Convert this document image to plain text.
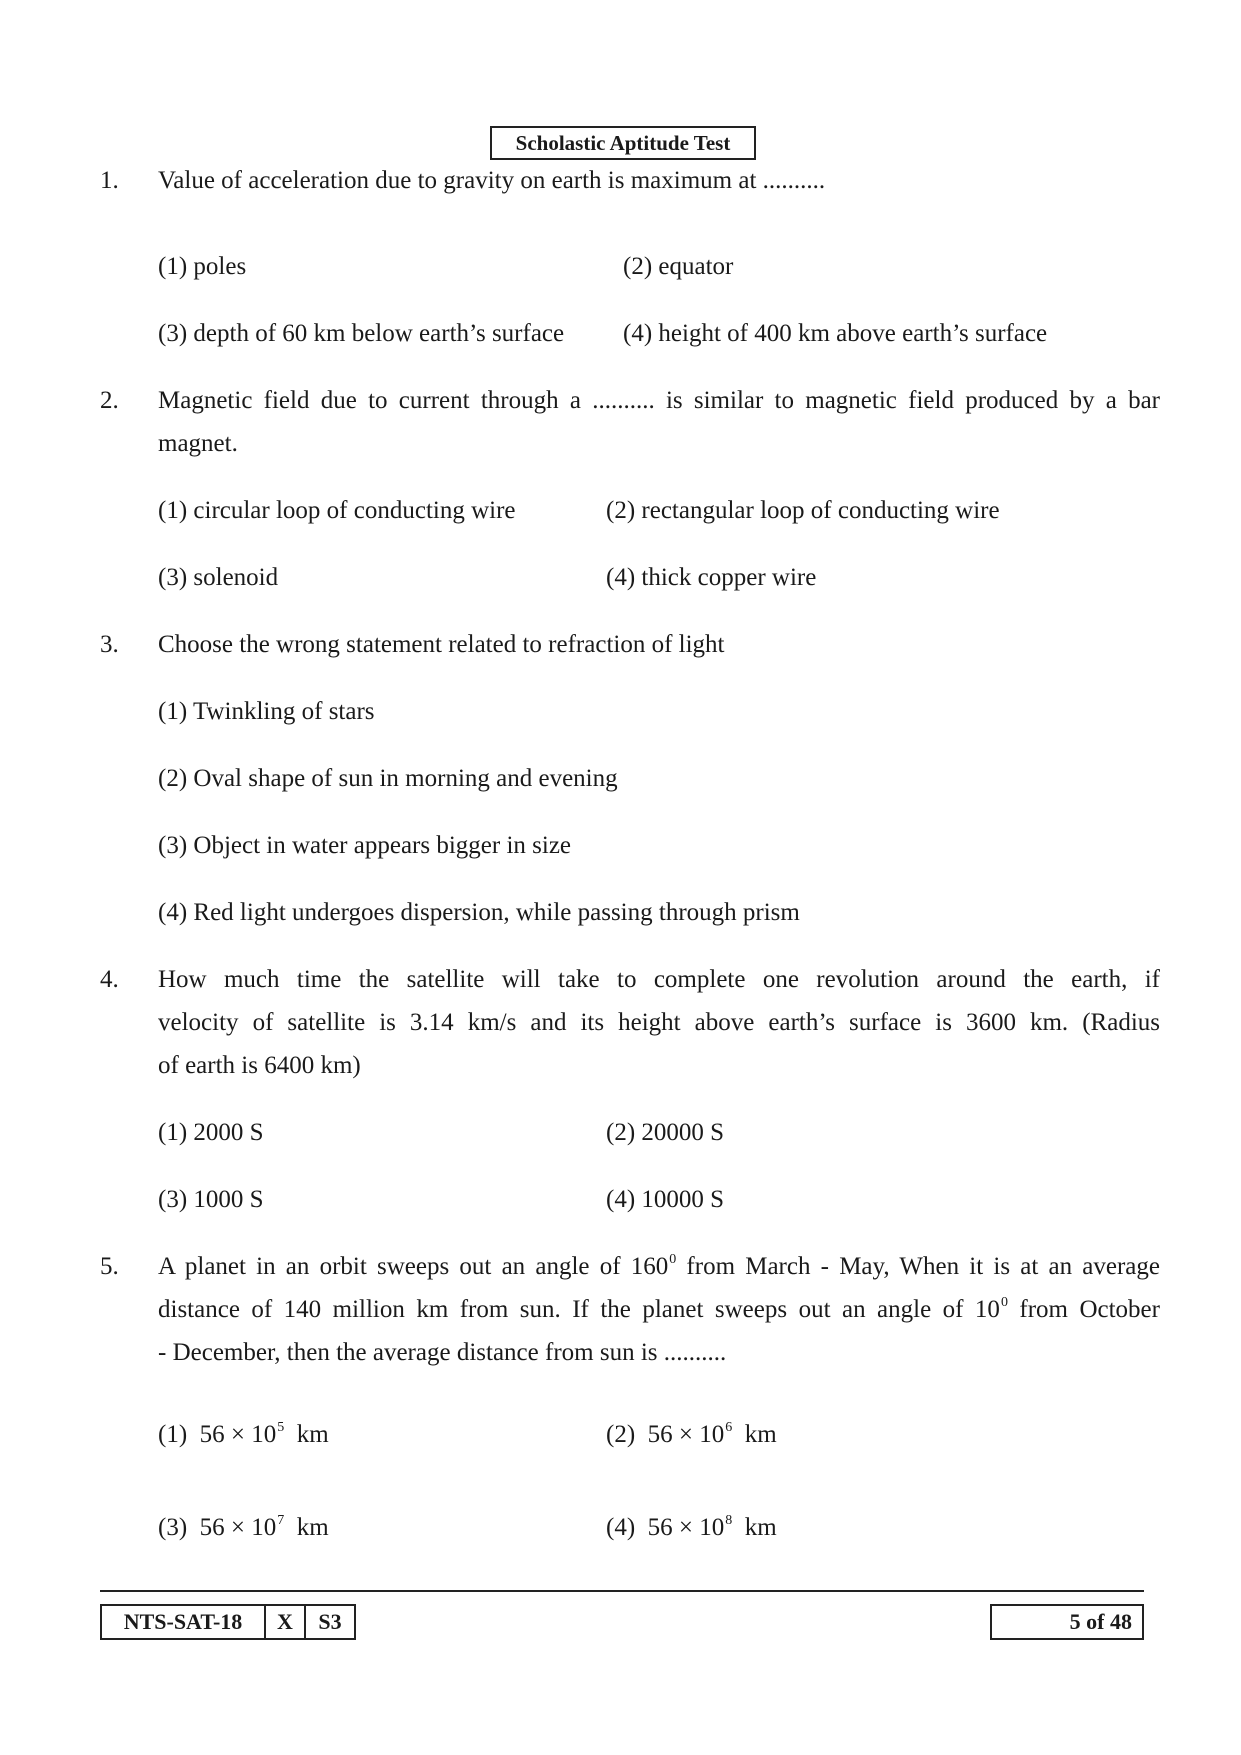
Scholastic Aptitude Test
1. Value of acceleration due to gravity on earth is maximum at ..........
(1) poles	(2) equator
(3) depth of 60 km below earth’s surface (4) height of 400 km above earth’s surface
2. Magnetic field due to current through a .......... is similar to magnetic field produced by a bar
magnet.
(1) circular loop of conducting wire	(2) rectangular loop of conducting wire
(3) solenoid	(4) thick copper wire
3. Choose the wrong statement related to refraction of light
(1) Twinkling of stars
(2) Oval shape of sun in morning and evening
(3) Object in water appears bigger in size
(4) Red light undergoes dispersion, while passing through prism
4. How much time the satellite will take to complete one revolution around the earth, if
velocity of satellite is 3.14 km/s and its height above earth’s surface is 3600 km. (Radius
of earth is 6400 km)
(1) 2000 S	(2) 20000 S
(3) 1000 S	(4) 10000 S
5. A planet in an orbit sweeps out an angle of $160^0$ from March - May, When it is at an average
distance of 140 million km from sun. If the planet sweeps out an angle of $10^0$ from October
- December, then the average distance from sun is ..........
(1) $56 \times 10^5$ km	(2) $56 \times 10^6$ km
(3) $56 \times 10^7$ km	(4) $56 \times 10^8$ km
NTS-SAT-18	X	S3	5 of 48
